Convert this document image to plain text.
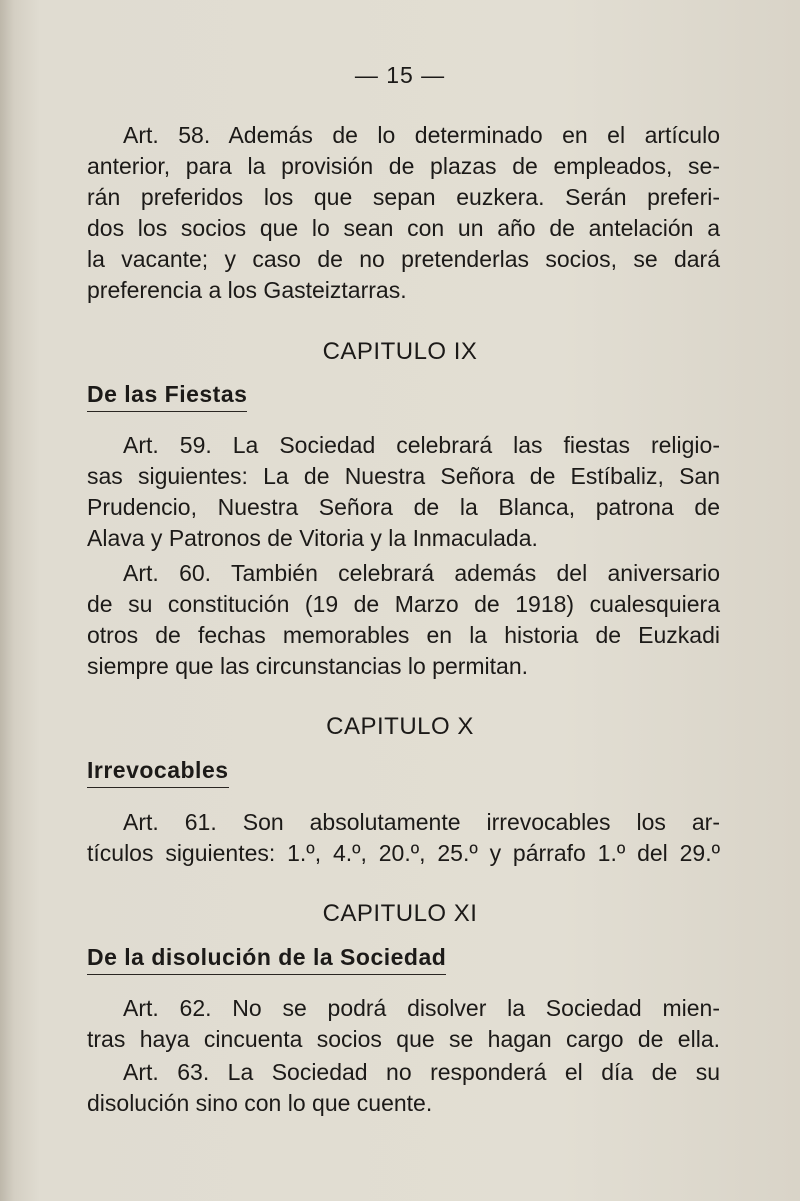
— 15 —
Art. 58. Además de lo determinado en el artículo
anterior, para la provisión de plazas de empleados, se-
rán preferidos los que sepan euzkera. Serán preferi-
dos los socios que lo sean con un año de antelación a
la vacante; y caso de no pretenderlas socios, se dará
preferencia a los Gasteiztarras.
CAPITULO IX
De las Fiestas
Art. 59. La Sociedad celebrará las fiestas religio-
sas siguientes: La de Nuestra Señora de Estíbaliz, San
Prudencio, Nuestra Señora de la Blanca, patrona de
Alava y Patronos de Vitoria y la Inmaculada.
Art. 60. También celebrará además del aniversario
de su constitución (19 de Marzo de 1918) cualesquiera
otros de fechas memorables en la historia de Euzkadi
siempre que las circunstancias lo permitan.
CAPITULO X
Irrevocables
Art. 61. Son absolutamente irrevocables los ar-
tículos siguientes: 1.º, 4.º, 20.º, 25.º y párrafo 1.º del 29.º
CAPITULO XI
De la disolución de la Sociedad
Art. 62. No se podrá disolver la Sociedad mien-
tras haya cincuenta socios que se hagan cargo de ella.
Art. 63. La Sociedad no responderá el día de su
disolución sino con lo que cuente.
